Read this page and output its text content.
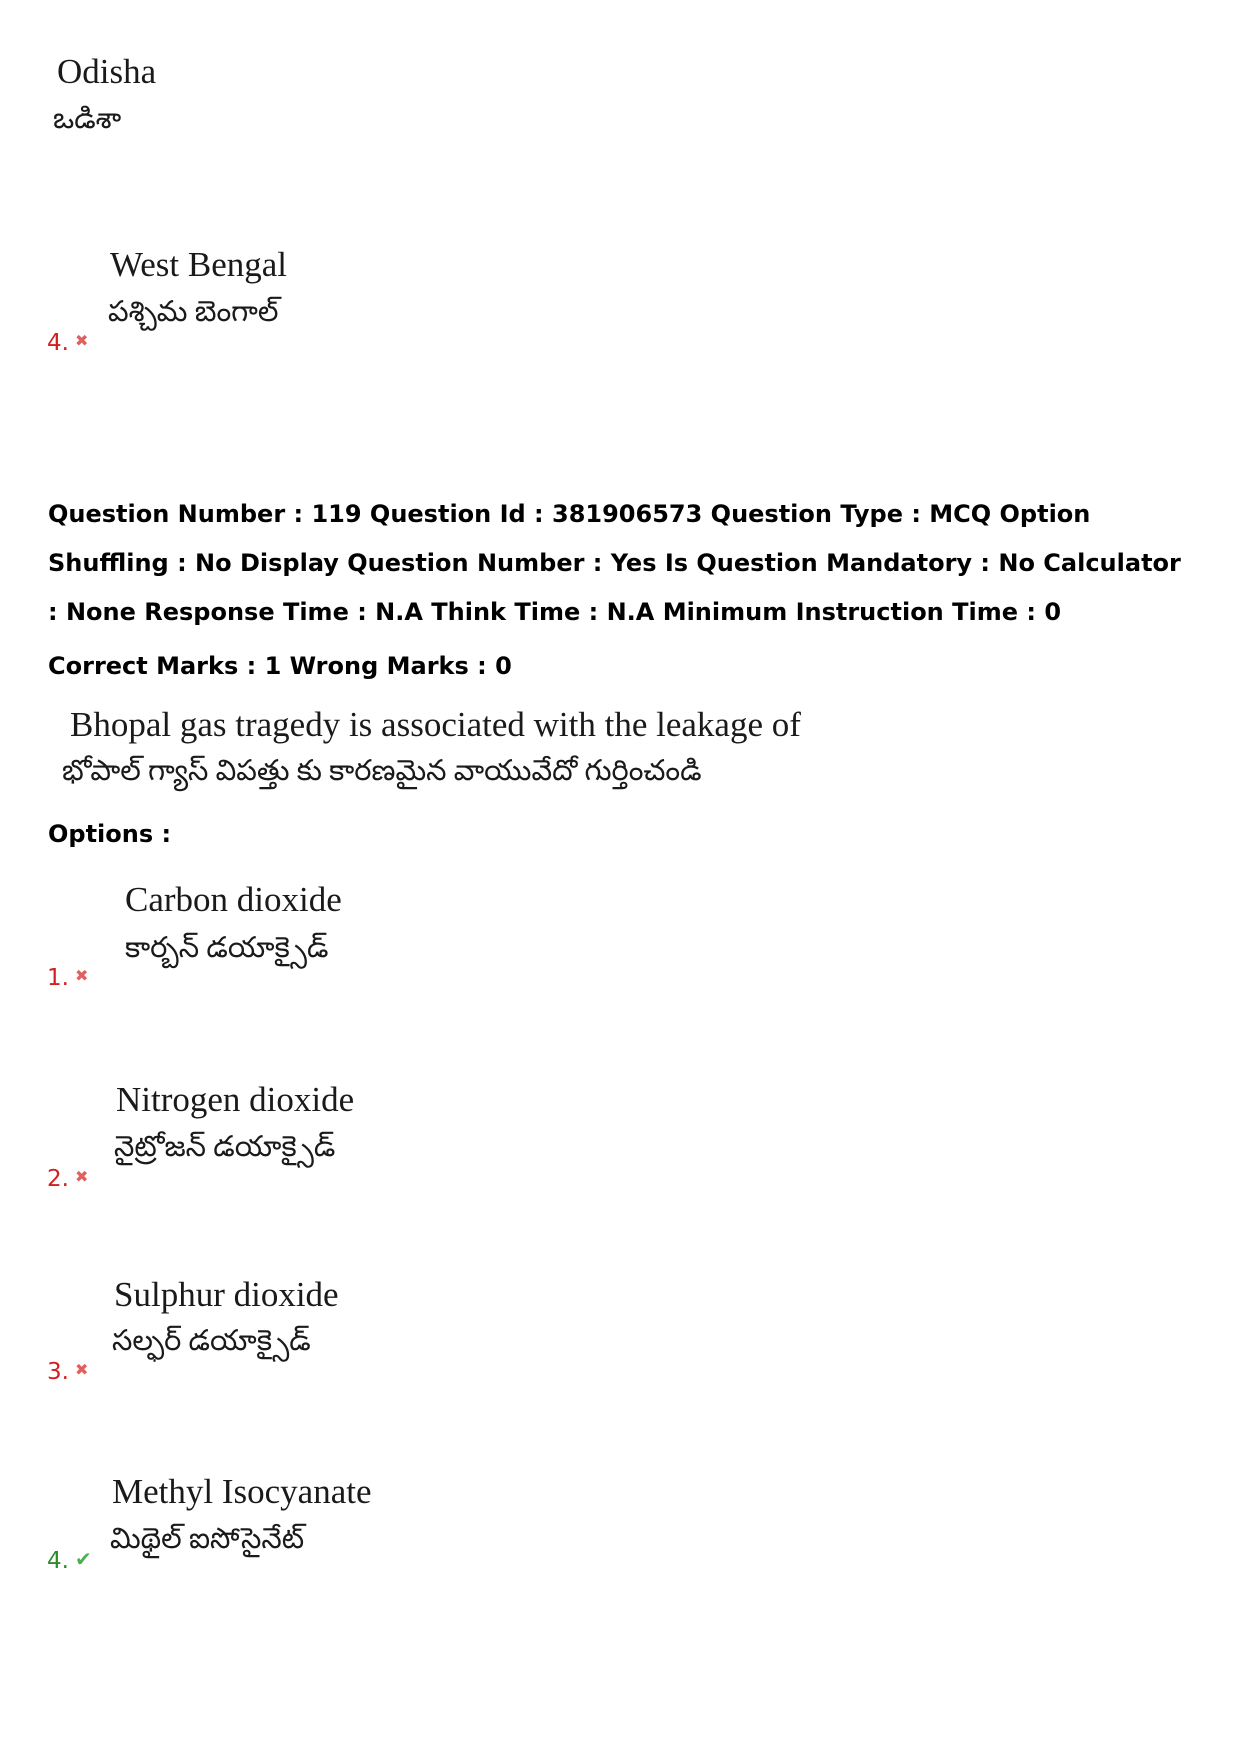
Odisha
ఒడిశా
West Bengal
పశ్చిమ బెంగాల్
4. ✖

Question Number : 119 Question Id : 381906573 Question Type : MCQ Option Shuffling : No Display Question Number : Yes Is Question Mandatory : No Calculator : None Response Time : N.A Think Time : N.A Minimum Instruction Time : 0

Correct Marks : 1 Wrong Marks : 0

Bhopal gas tragedy is associated with the leakage of
భోపాల్ గ్యాస్ విపత్తు కు కారణమైన వాయువేదో గుర్తించండి
Options :
Carbon dioxide
కార్బన్ డయాక్సైడ్
1. ✖
Nitrogen dioxide
నైట్రోజన్ డయాక్సైడ్
2. ✖
Sulphur dioxide
సల్ఫర్ డయాక్సైడ్
3. ✖
Methyl Isocyanate
మిథైల్ ఐసోసైనేట్
4. ✔
